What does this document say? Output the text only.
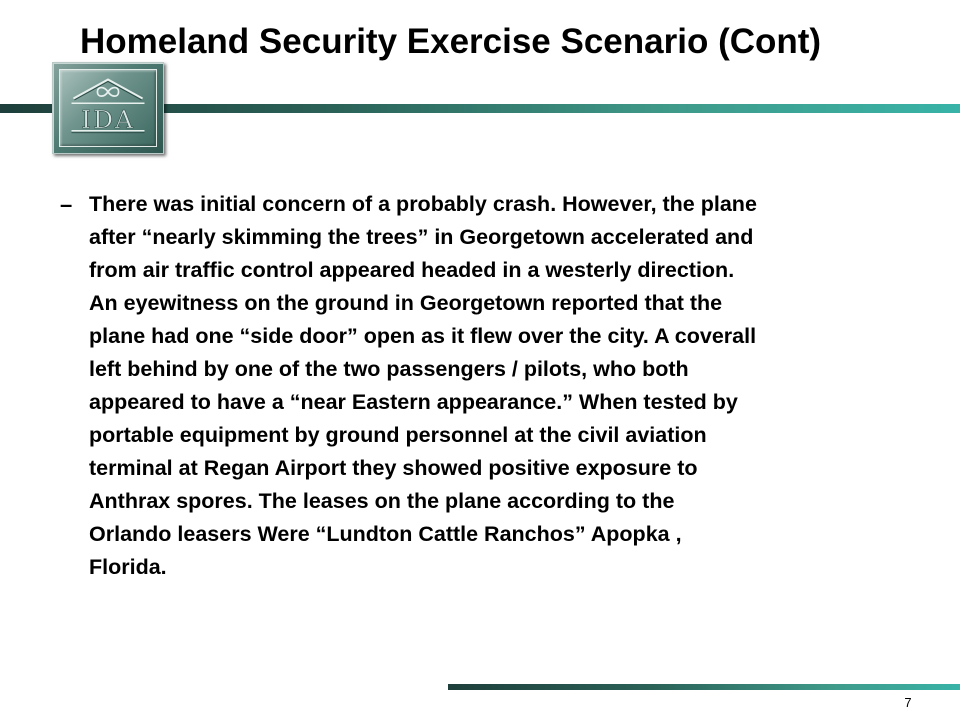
Homeland Security Exercise Scenario (Cont)
IDA
– There was initial concern of a probably crash. However, the plane
after “nearly skimming the trees” in Georgetown accelerated and
from air traffic control appeared headed in a westerly direction.
An eyewitness on the ground in Georgetown reported that the
plane had one “side door” open as it flew over the city. A coverall
left behind by one of the two passengers / pilots, who both
appeared to have a “near Eastern appearance.” When tested by
portable equipment by ground personnel at the civil aviation
terminal at Regan Airport they showed positive exposure to
Anthrax spores. The leases on the plane according to the
Orlando leasers Were “Lundton Cattle Ranchos” Apopka ,
Florida.
7
